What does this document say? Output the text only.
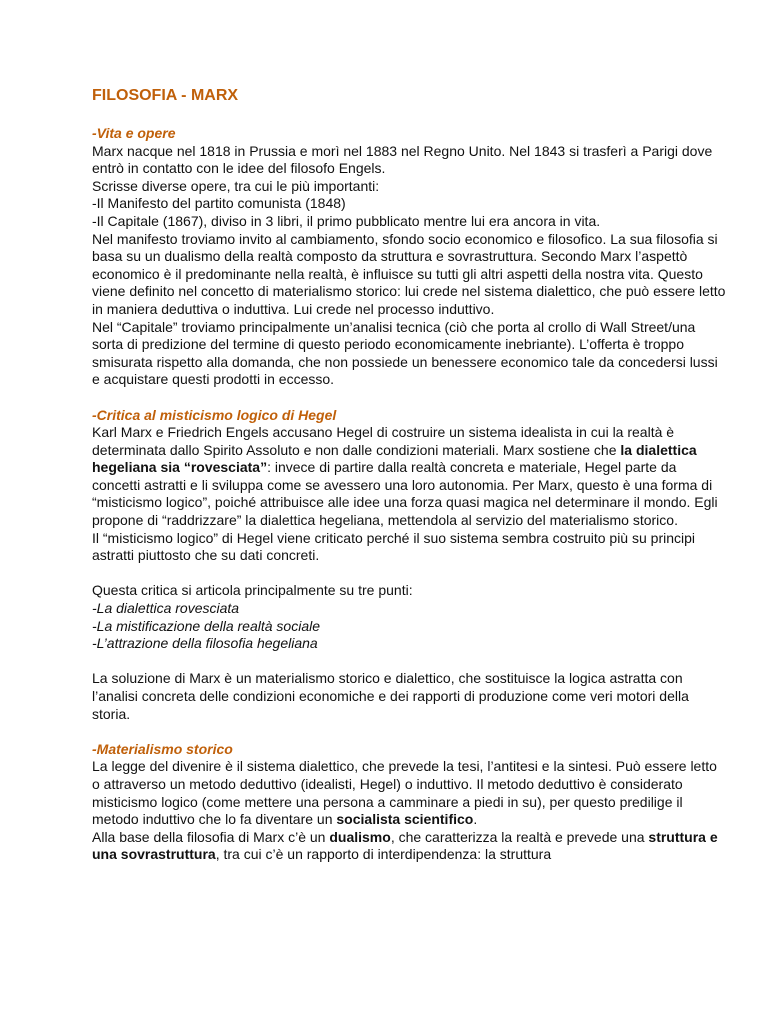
FILOSOFIA - MARX

-Vita e opere

Marx nacque nel 1818 in Prussia e morì nel 1883 nel Regno Unito. Nel 1843 si trasferì a Parigi dove entrò in contatto con le idee del filosofo Engels.

Scrisse diverse opere, tra cui le più importanti:

-Il Manifesto del partito comunista (1848)

-Il Capitale (1867), diviso in 3 libri, il primo pubblicato mentre lui era ancora in vita.

Nel manifesto troviamo invito al cambiamento, sfondo socio economico e filosofico. La sua filosofia si basa su un dualismo della realtà composto da struttura e sovrastruttura. Secondo Marx l’aspettò economico è il predominante nella realtà, è influisce su tutti gli altri aspetti della nostra vita. Questo viene definito nel concetto di materialismo storico: lui crede nel sistema dialettico, che può essere letto in maniera deduttiva o induttiva. Lui crede nel processo induttivo.

Nel “Capitale” troviamo principalmente un’analisi tecnica (ciò che porta al crollo di Wall Street/una sorta di predizione del termine di questo periodo economicamente inebriante). L’offerta è troppo smisurata rispetto alla domanda, che non possiede un benessere economico tale da concedersi lussi e acquistare questi prodotti in eccesso.

-Critica al misticismo logico di Hegel

Karl Marx e Friedrich Engels accusano Hegel di costruire un sistema idealista in cui la realtà è determinata dallo Spirito Assoluto e non dalle condizioni materiali. Marx sostiene che la dialettica hegeliana sia “rovesciata”: invece di partire dalla realtà concreta e materiale, Hegel parte da concetti astratti e li sviluppa come se avessero una loro autonomia. Per Marx, questo è una forma di “misticismo logico”, poiché attribuisce alle idee una forza quasi magica nel determinare il mondo. Egli propone di “raddrizzare” la dialettica hegeliana, mettendola al servizio del materialismo storico.

Il “misticismo logico” di Hegel viene criticato perché il suo sistema sembra costruito più su principi astratti piuttosto che su dati concreti.

Questa critica si articola principalmente su tre punti:

-La dialettica rovesciata

-La mistificazione della realtà sociale

-L’attrazione della filosofia hegeliana

La soluzione di Marx è un materialismo storico e dialettico, che sostituisce la logica astratta con l’analisi concreta delle condizioni economiche e dei rapporti di produzione come veri motori della storia.

-Materialismo storico

La legge del divenire è il sistema dialettico, che prevede la tesi, l’antitesi e la sintesi. Può essere letto o attraverso un metodo deduttivo (idealisti, Hegel) o induttivo. Il metodo deduttivo è considerato misticismo logico (come mettere una persona a camminare a piedi in su), per questo predilige il metodo induttivo che lo fa diventare un socialista scientifico.

Alla base della filosofia di Marx c’è un dualismo, che caratterizza la realtà e prevede una struttura e una sovrastruttura, tra cui c’è un rapporto di interdipendenza: la struttura
